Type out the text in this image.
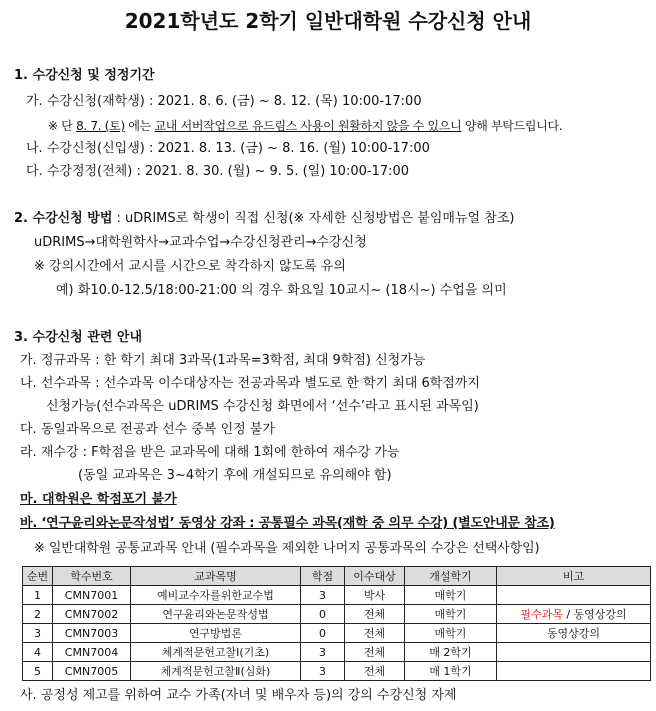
2021학년도 2학기 일반대학원 수강신청 안내
1. 수강신청 및 정정기간
가. 수강신청(재학생) : 2021. 8. 6. (금) ~ 8. 12. (목) 10:00-17:00
※ 단 8. 7. (토) 에는 교내 서버작업으로 유드림스 사용이 원활하지 않을 수 있으니 양해 부탁드립니다.
나. 수강신청(신입생) : 2021. 8. 13. (금) ~ 8. 16. (월) 10:00-17:00
다. 수강정정(전체) : 2021. 8. 30. (월) ~ 9. 5. (일) 10:00-17:00
2. 수강신청 방법 : uDRIMS로 학생이 직접 신청(※ 자세한 신청방법은 붙임매뉴얼 참조)
uDRIMS→대학원학사→교과수업→수강신청관리→수강신청
※ 강의시간에서 교시를 시간으로 착각하지 않도록 유의
예) 화10.0-12.5/18:00-21:00 의 경우 화요일 10교시~ (18시~) 수업을 의미
3. 수강신청 관련 안내
가. 정규과목 : 한 학기 최대 3과목(1과목=3학점, 최대 9학점) 신청가능
나. 선수과목 : 선수과목 이수대상자는 전공과목과 별도로 한 학기 최대 6학점까지
신청가능(선수과목은 uDRIMS 수강신청 화면에서 ‘선수’라고 표시된 과목임)
다. 동일과목으로 전공과 선수 중복 인정 불가
라. 재수강 : F학점을 받은 교과목에 대해 1회에 한하여 재수강 가능
(동일 교과목은 3~4학기 후에 개설되므로 유의해야 함)
마. 대학원은 학점포기 불가
바. ‘연구윤리와논문작성법’ 동영상 강좌 : 공통필수 과목(재학 중 의무 수강) (별도안내문 참조)
※ 일반대학원 공통교과목 안내 (필수과목을 제외한 나머지 공통과목의 수강은 선택사항임)
순번	학수번호	교과목명	학점	이수대상	개설학기	비고
1	CMN7001	예비교수자를위한교수법	3	박사	매학기	
2	CMN7002	연구윤리와논문작성법	0	전체	매학기	필수과목 / 동영상강의
3	CMN7003	연구방법론	0	전체	매학기	동영상강의
4	CMN7004	체계적문헌고찰Ⅰ(기초)	3	전체	매 2학기	
5	CMN7005	체계적문헌고찰Ⅱ(심화)	3	전체	매 1학기	
사. 공정성 제고를 위하여 교수 가족(자녀 및 배우자 등)의 강의 수강신청 자제
